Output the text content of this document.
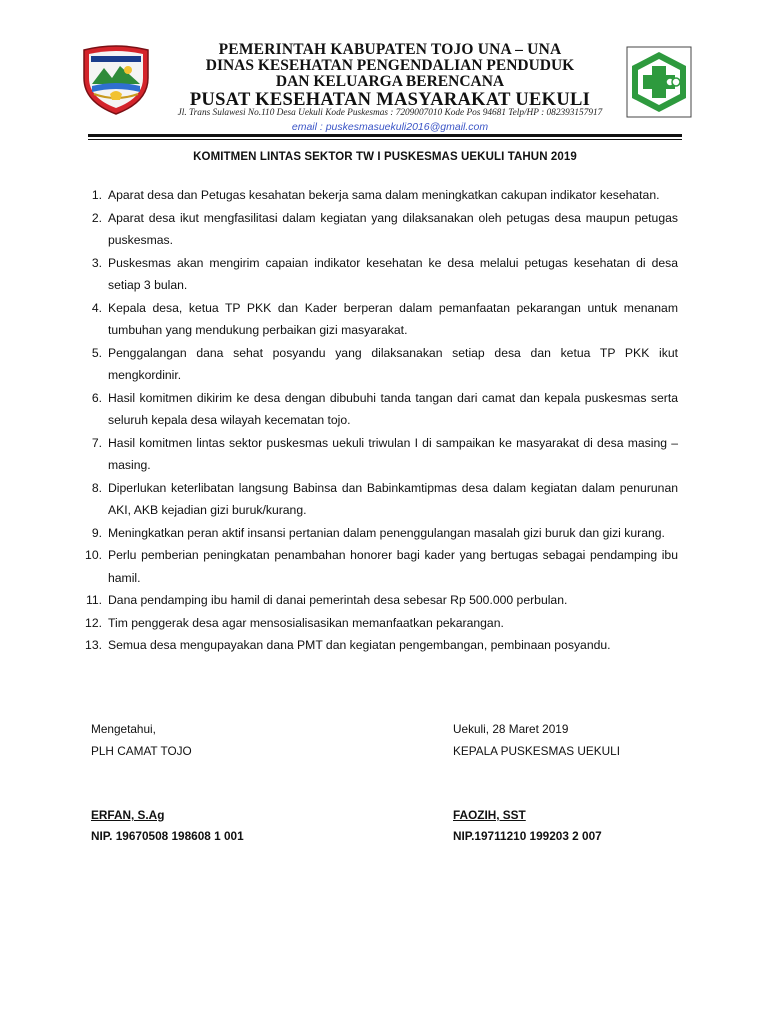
PEMERINTAH KABUPATEN TOJO UNA – UNA
DINAS KESEHATAN PENGENDALIAN PENDUDUK
DAN KELUARGA BERENCANA
PUSAT KESEHATAN MASYARAKAT UEKULI
Jl. Trans Sulawesi No.110 Desa Uekuli Kode Puskesmas : 7209007010 Kode Pos 94681 Telp/HP : 082393157917
email : puskesmasuekuli2016@gmail.com
KOMITMEN LINTAS SEKTOR TW I PUSKESMAS UEKULI TAHUN 2019
1. Aparat desa dan Petugas kesahatan bekerja sama dalam meningkatkan cakupan indikator kesehatan.
2. Aparat desa ikut mengfasilitasi dalam kegiatan yang dilaksanakan oleh petugas desa maupun petugas puskesmas.
3. Puskesmas akan mengirim capaian indikator kesehatan ke desa melalui petugas kesehatan di desa setiap 3 bulan.
4. Kepala desa, ketua TP PKK dan Kader berperan dalam pemanfaatan pekarangan untuk menanam tumbuhan yang mendukung perbaikan gizi masyarakat.
5. Penggalangan dana sehat posyandu yang dilaksanakan setiap desa dan ketua TP PKK ikut mengkordinir.
6. Hasil komitmen dikirim ke desa dengan dibubuhi tanda tangan dari camat dan kepala puskesmas serta seluruh kepala desa wilayah kecematan tojo.
7. Hasil komitmen lintas sektor puskesmas uekuli triwulan I di sampaikan ke masyarakat di desa masing – masing.
8. Diperlukan keterlibatan langsung Babinsa dan Babinkamtipmas desa dalam kegiatan dalam penurunan AKI, AKB kejadian gizi buruk/kurang.
9. Meningkatkan peran aktif insansi pertanian dalam penenggulangan masalah gizi buruk dan gizi kurang.
10. Perlu pemberian peningkatan penambahan honorer bagi kader yang bertugas sebagai pendamping ibu hamil.
11. Dana pendamping ibu hamil di danai pemerintah desa sebesar Rp 500.000 perbulan.
12. Tim penggerak desa agar mensosialisasikan memanfaatkan pekarangan.
13. Semua desa mengupayakan dana PMT dan kegiatan pengembangan, pembinaan posyandu.
Mengetahui,
PLH CAMAT TOJO
ERFAN, S.Ag
NIP. 19670508 198608 1 001
Uekuli, 28 Maret 2019
KEPALA PUSKESMAS UEKULI
FAOZIH, SST
NIP.19711210 199203 2 007
